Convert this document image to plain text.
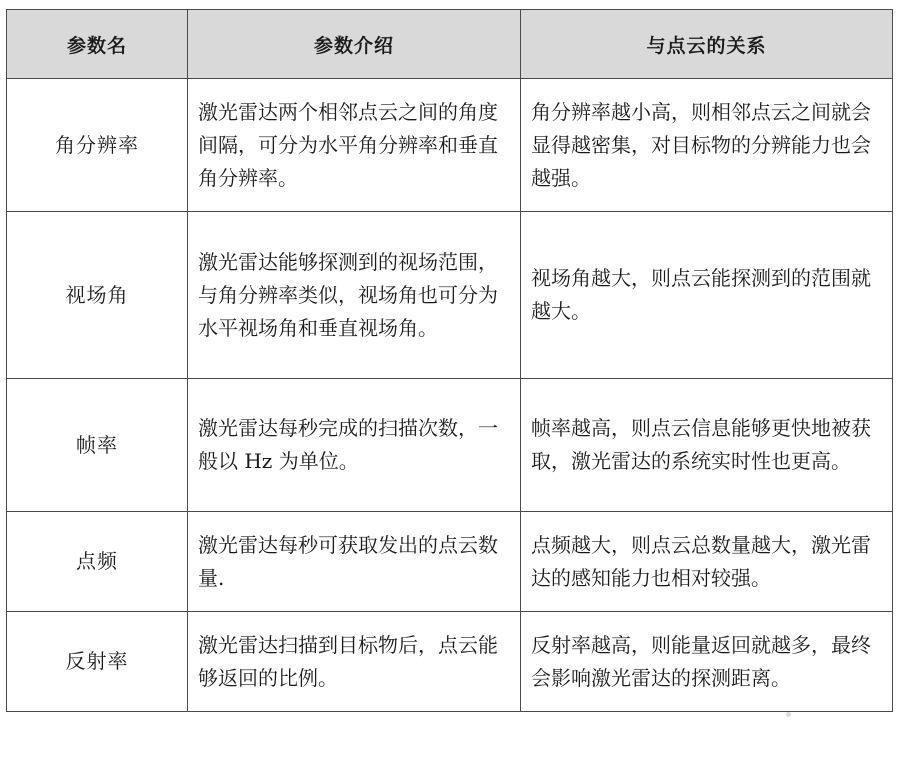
参数名	参数介绍	与点云的关系
角分辨率	激光雷达两个相邻点云之间的角度间隔，可分为水平角分辨率和垂直角分辨率。	角分辨率越小高，则相邻点云之间就会显得越密集，对目标物的分辨能力也会越强。
视场角	激光雷达能够探测到的视场范围，与角分辨率类似，视场角也可分为水平视场角和垂直视场角。	视场角越大，则点云能探测到的范围就越大。
帧率	激光雷达每秒完成的扫描次数，一般以 Hz 为单位。	帧率越高，则点云信息能够更快地被获取，激光雷达的系统实时性也更高。
点频	激光雷达每秒可获取发出的点云数量.	点频越大，则点云总数量越大，激光雷达的感知能力也相对较强。
反射率	激光雷达扫描到目标物后，点云能够返回的比例。	反射率越高，则能量返回就越多，最终会影响激光雷达的探测距离。
